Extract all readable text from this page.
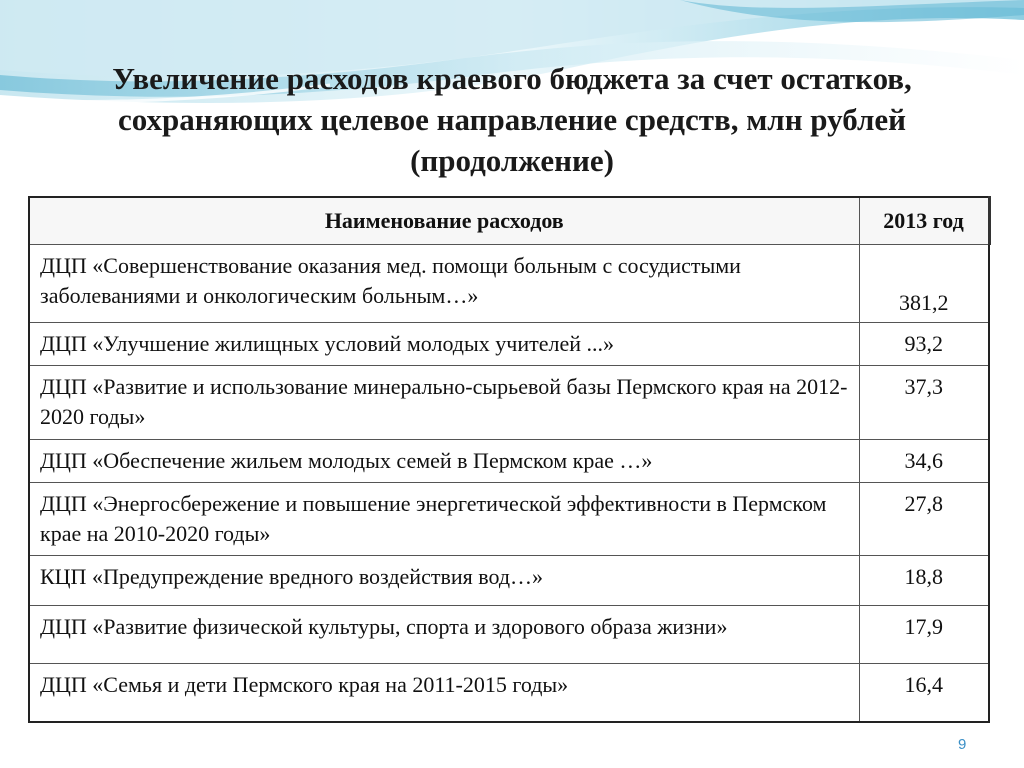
Увеличение расходов краевого бюджета за счет остатков,
сохраняющих целевое направление средств, млн рублей
(продолжение)
Наименование расходов	2013 год
ДЦП «Совершенствование оказания мед. помощи больным с сосудистыми заболеваниями и онкологическим больным…»	381,2
ДЦП «Улучшение жилищных условий молодых учителей ...»	93,2
ДЦП «Развитие и использование минерально-сырьевой базы Пермского края на 2012-2020 годы»	37,3
ДЦП «Обеспечение жильем молодых семей в Пермском крае …»	34,6
ДЦП «Энергосбережение и повышение энергетической эффективности в Пермском крае на 2010-2020 годы»	27,8
КЦП «Предупреждение вредного воздействия вод…»	18,8
ДЦП «Развитие физической культуры, спорта и здорового образа жизни»	17,9
ДЦП «Семья и дети Пермского края на 2011-2015 годы»	16,4
9
